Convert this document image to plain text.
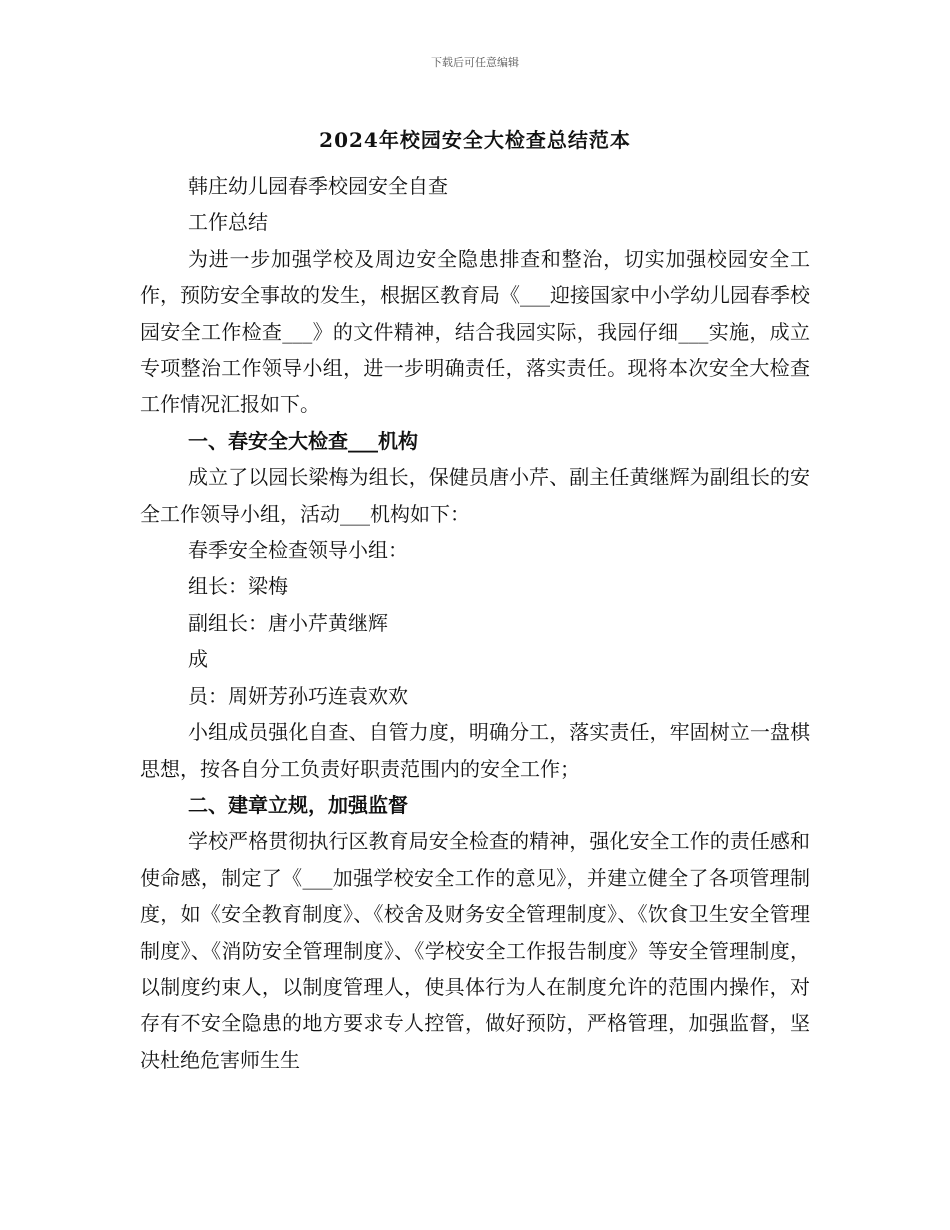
下载后可任意编辑
2024年校园安全大检查总结范本

韩庄幼儿园春季校园安全自查

工作总结

为进一步加强学校及周边安全隐患排查和整治，切实加强校园安全工作，预防安全事故的发生，根据区教育局《___迎接国家中小学幼儿园春季校园安全工作检查___》的文件精神，结合我园实际，我园仔细___实施，成立专项整治工作领导小组，进一步明确责任，落实责任。现将本次安全大检查工作情况汇报如下。

一、春安全大检查___机构

成立了以园长梁梅为组长，保健员唐小芹、副主任黄继辉为副组长的安全工作领导小组，活动___机构如下：

春季安全检查领导小组：

组长：梁梅

副组长：唐小芹黄继辉

成

员：周妍芳孙巧连袁欢欢

小组成员强化自查、自管力度，明确分工，落实责任，牢固树立一盘棋思想，按各自分工负责好职责范围内的安全工作；

二、建章立规，加强监督

学校严格贯彻执行区教育局安全检查的精神，强化安全工作的责任感和使命感，制定了《___加强学校安全工作的意见》，并建立健全了各项管理制度，如《安全教育制度》、《校舍及财务安全管理制度》、《饮食卫生安全管理制度》、《消防安全管理制度》、《学校安全工作报告制度》等安全管理制度，以制度约束人，以制度管理人，使具体行为人在制度允许的范围内操作，对存有不安全隐患的地方要求专人控管，做好预防，严格管理，加强监督，坚决杜绝危害师生生
